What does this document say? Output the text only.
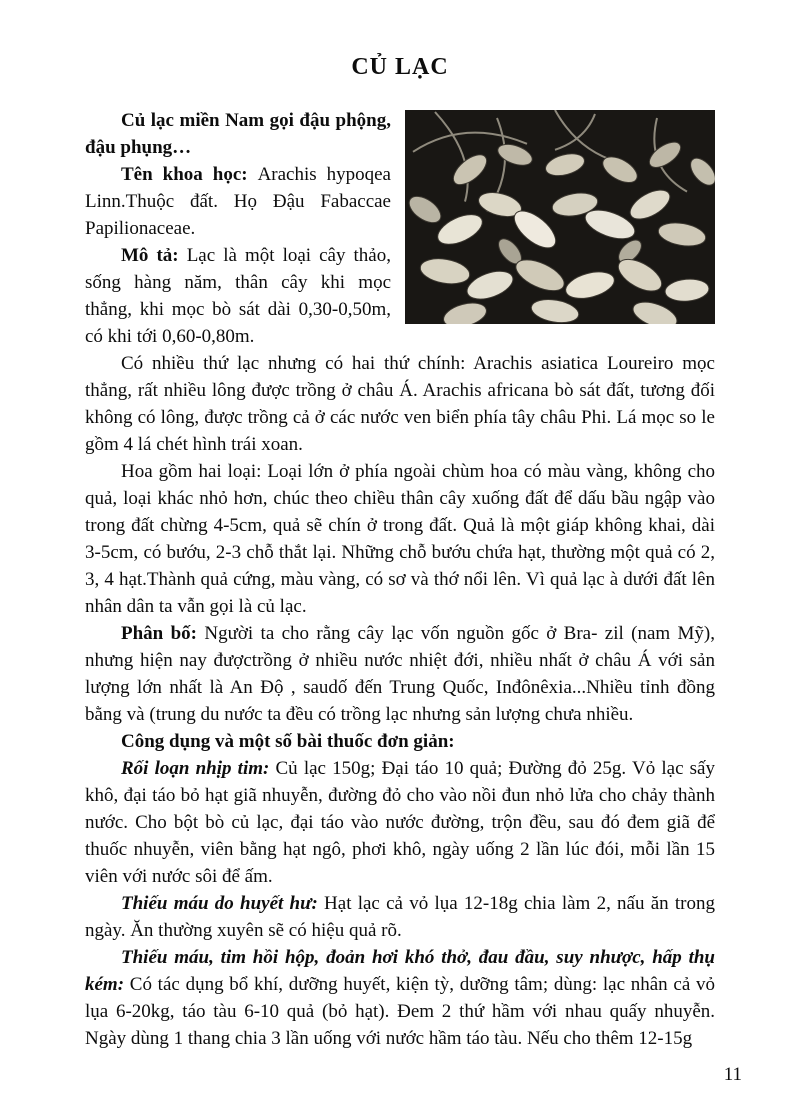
CỦ LẠC

Củ lạc miền Nam gọi đậu phộng, đậu phụng…

Tên khoa học: Arachis hypoqea Linn.Thuộc đất. Họ Đậu Fabaccae Papilionaceae.

Mô tả: Lạc là một loại cây thảo, sống hàng năm, thân cây khi mọc thẳng, khi mọc bò sát dài 0,30-0,50m, có khi tới 0,60-0,80m.

Có nhiều thứ lạc nhưng có hai thứ chính: Arachis asiatica Loureiro mọc thẳng, rất nhiều lông được trồng ở châu Á. Arachis africana bò sát đất, tương đối không có lông, được trồng cả ở các nước ven biển phía tây châu Phi. Lá mọc so le gồm 4 lá chét hình trái xoan.

Hoa gồm hai loại: Loại lớn ở phía ngoài chùm hoa có màu vàng, không cho quả, loại khác nhỏ hơn, chúc theo chiều thân cây xuống đất để dấu bầu ngập vào trong đất chừng 4-5cm, quả sẽ chín ở trong đất. Quả là một giáp không khai, dài 3-5cm, có bướu, 2-3 chỗ thắt lại. Những chỗ bướu chứa hạt, thường một quả có 2, 3, 4 hạt.Thành quả cứng, màu vàng, có sơ và thớ nổi lên. Vì quả lạc à dưới đất lên nhân dân ta vẫn gọi là củ lạc.

Phân bố: Người ta cho rằng cây lạc vốn nguồn gốc ở Bra- zil (nam Mỹ), nhưng hiện nay đượctrồng ở nhiều nước nhiệt đới, nhiều nhất ở châu Á với sản lượng lớn nhất là An Độ , saudố đến Trung Quốc, Inđônêxia...Nhiều tỉnh đồng bằng và (trung du nước ta đều có trồng lạc nhưng sản lượng chưa nhiều.

Công dụng và một số bài thuốc đơn giản:

Rối loạn nhịp tim: Củ lạc 150g; Đại táo 10 quả; Đường đỏ 25g. Vỏ lạc sấy khô, đại táo bỏ hạt giã nhuyễn, đường đỏ cho vào nồi đun nhỏ lửa cho chảy thành nước. Cho bột bò củ lạc, đại táo vào nước đường, trộn đều, sau đó đem giã để thuốc nhuyễn, viên bằng hạt ngô, phơi khô, ngày uống 2 lần lúc đói, mỗi lần 15 viên với nước sôi để ấm.

Thiếu máu do huyết hư: Hạt lạc cả vỏ lụa 12-18g chia làm 2, nấu ăn trong ngày. Ăn thường xuyên sẽ có hiệu quả rõ.

Thiếu máu, tim hồi hộp, đoản hơi khó thở, đau đầu, suy nhược, hấp thụ kém: Có tác dụng bổ khí, dưỡng huyết, kiện tỳ, dưỡng tâm; dùng: lạc nhân cả vỏ lụa 6-20kg, táo tàu 6-10 quả (bỏ hạt). Đem 2 thứ hầm với nhau quấy nhuyễn. Ngày dùng 1 thang chia 3 lần uống với nước hầm táo tàu. Nếu cho thêm 12-15g

11
